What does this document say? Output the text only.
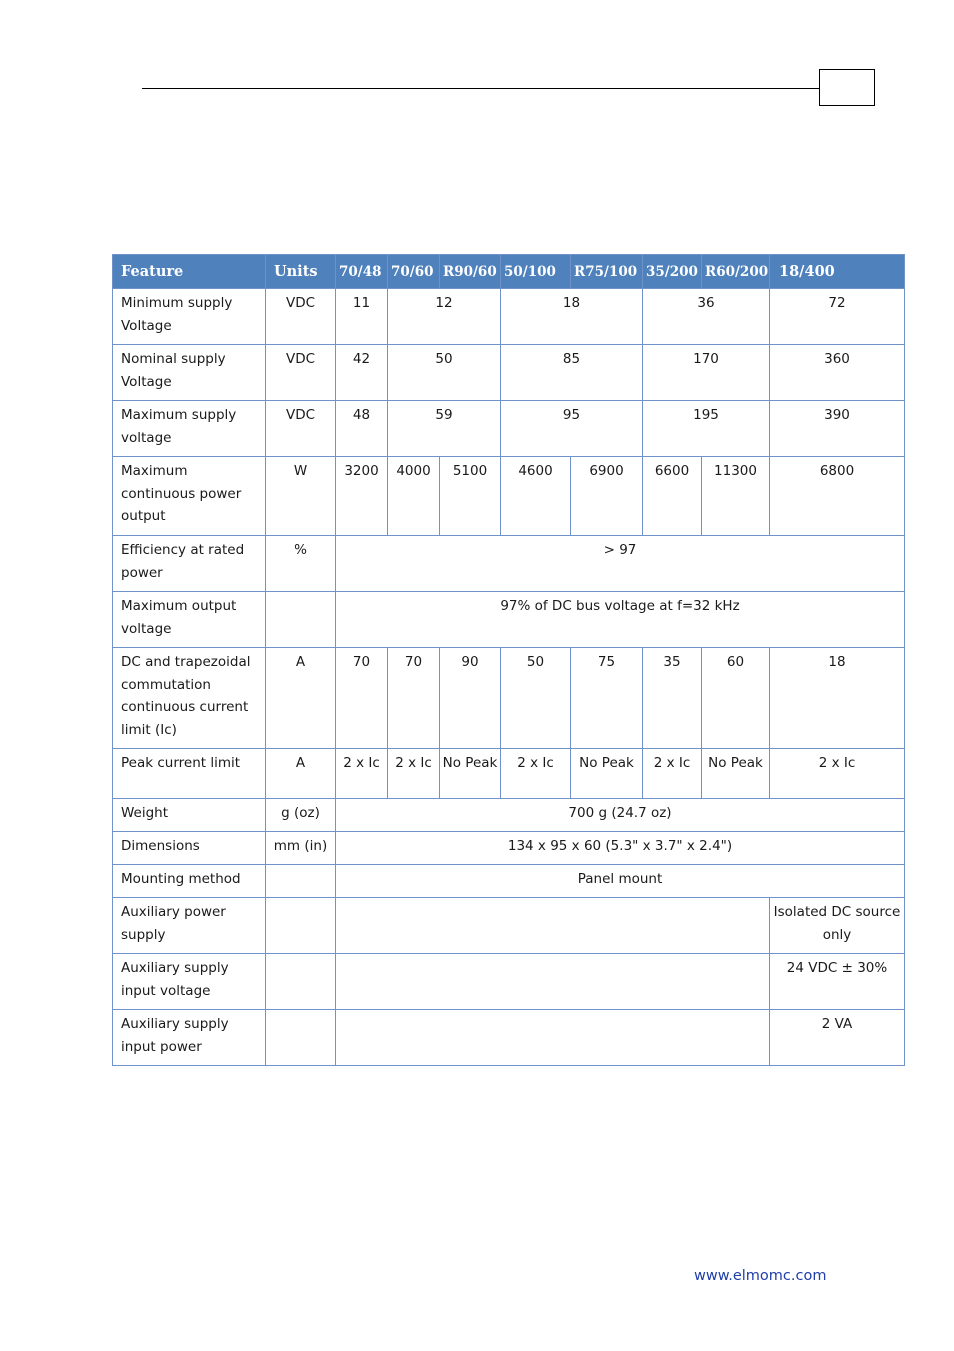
Feature	Units	70/48	70/60	R90/60	50/100	R75/100	35/200	R60/200	18/400
Minimum supply Voltage	VDC	11	12		18		36		72
Nominal supply Voltage	VDC	42	50		85		170		360
Maximum supply voltage	VDC	48	59		95		195		390
Maximum continuous power output	W	3200	4000	5100	4600	6900	6600	11300	6800
Efficiency at rated power	%	> 97							
Maximum output voltage		97% of DC bus voltage at f=32 kHz							
DC and trapezoidal commutation continuous current limit (Ic)	A	70	70	90	50	75	35	60	18
Peak current limit	A	2 x Ic	2 x Ic	No Peak	2 x Ic	No Peak	2 x Ic	No Peak	2 x Ic
Weight	g (oz)	700 g (24.7 oz)							
Dimensions	mm (in)	134 x 95 x 60 (5.3" x 3.7" x 2.4")							
Mounting method		Panel mount							
Auxiliary power supply									Isolated DC source only
Auxiliary supply input voltage									24 VDC ± 30%
Auxiliary supply input power									2 VA
www.elmomc.com
